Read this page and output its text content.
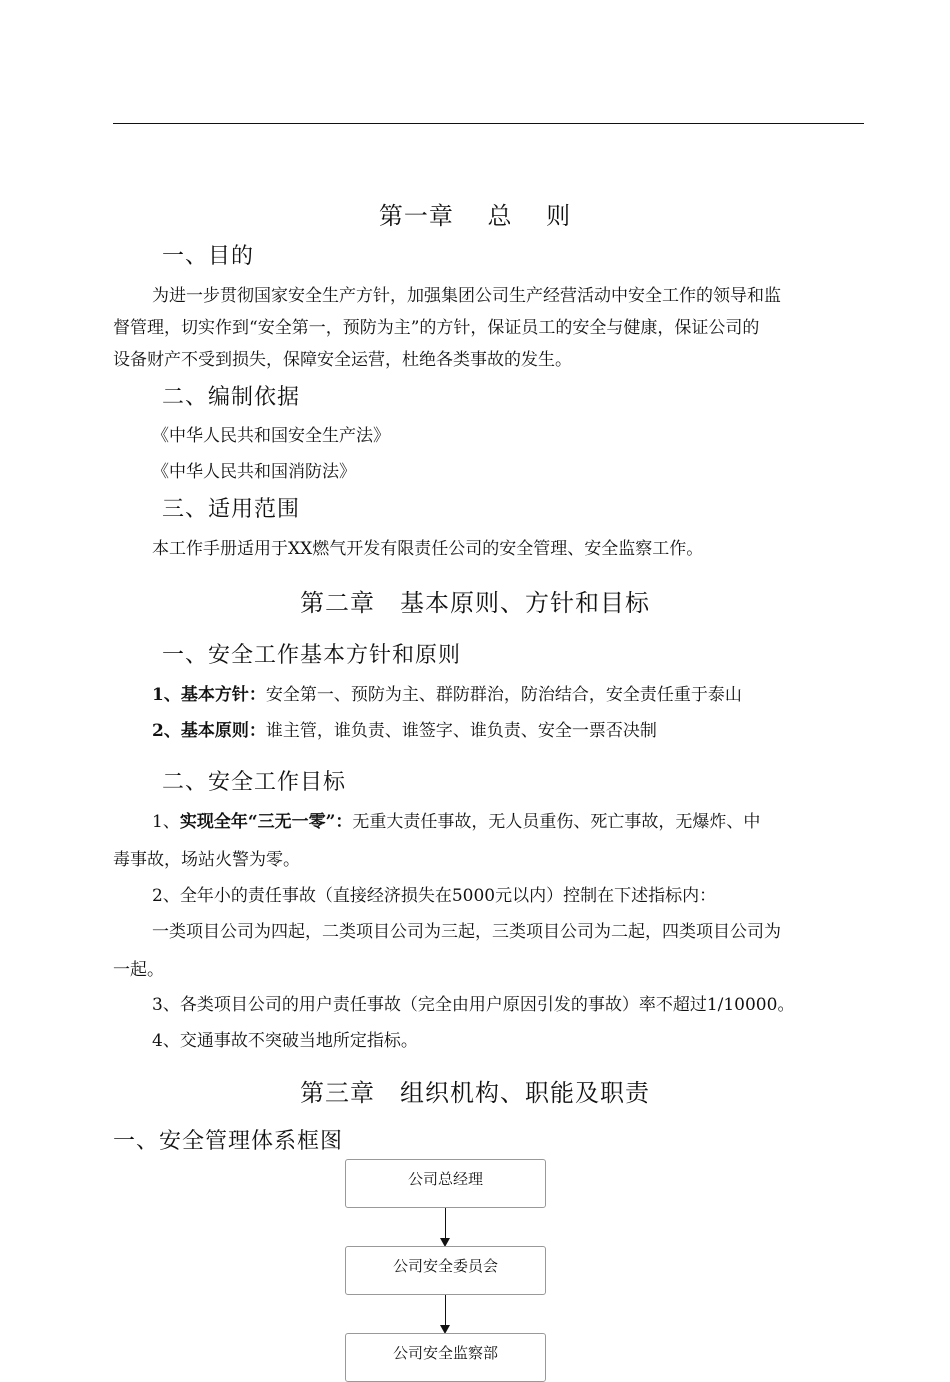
第一章　 总　 则
一、目的
为进一步贯彻国家安全生产方针，加强集团公司生产经营活动中安全工作的领导和监
督管理，切实作到“安全第一，预防为主”的方针，保证员工的安全与健康，保证公司的
设备财产不受到损失，保障安全运营，杜绝各类事故的发生。
二、编制依据
《中华人民共和国安全生产法》
《中华人民共和国消防法》
三、适用范围
本工作手册适用于XX燃气开发有限责任公司的安全管理、安全监察工作。
第二章　基本原则、方针和目标
一、安全工作基本方针和原则
1、基本方针：安全第一、预防为主、群防群治，防治结合，安全责任重于泰山
2、基本原则：谁主管，谁负责、谁签字、谁负责、安全一票否决制
二、安全工作目标
1、实现全年“三无一零”：无重大责任事故，无人员重伤、死亡事故，无爆炸、中
毒事故，场站火警为零。
2、全年小的责任事故（直接经济损失在5000元以内）控制在下述指标内：
一类项目公司为四起，二类项目公司为三起，三类项目公司为二起，四类项目公司为
一起。
3、各类项目公司的用户责任事故（完全由用户原因引发的事故）率不超过1/10000。
4、交通事故不突破当地所定指标。
第三章　组织机构、职能及职责
一、安全管理体系框图
公司总经理
公司安全委员会
公司安全监察部
